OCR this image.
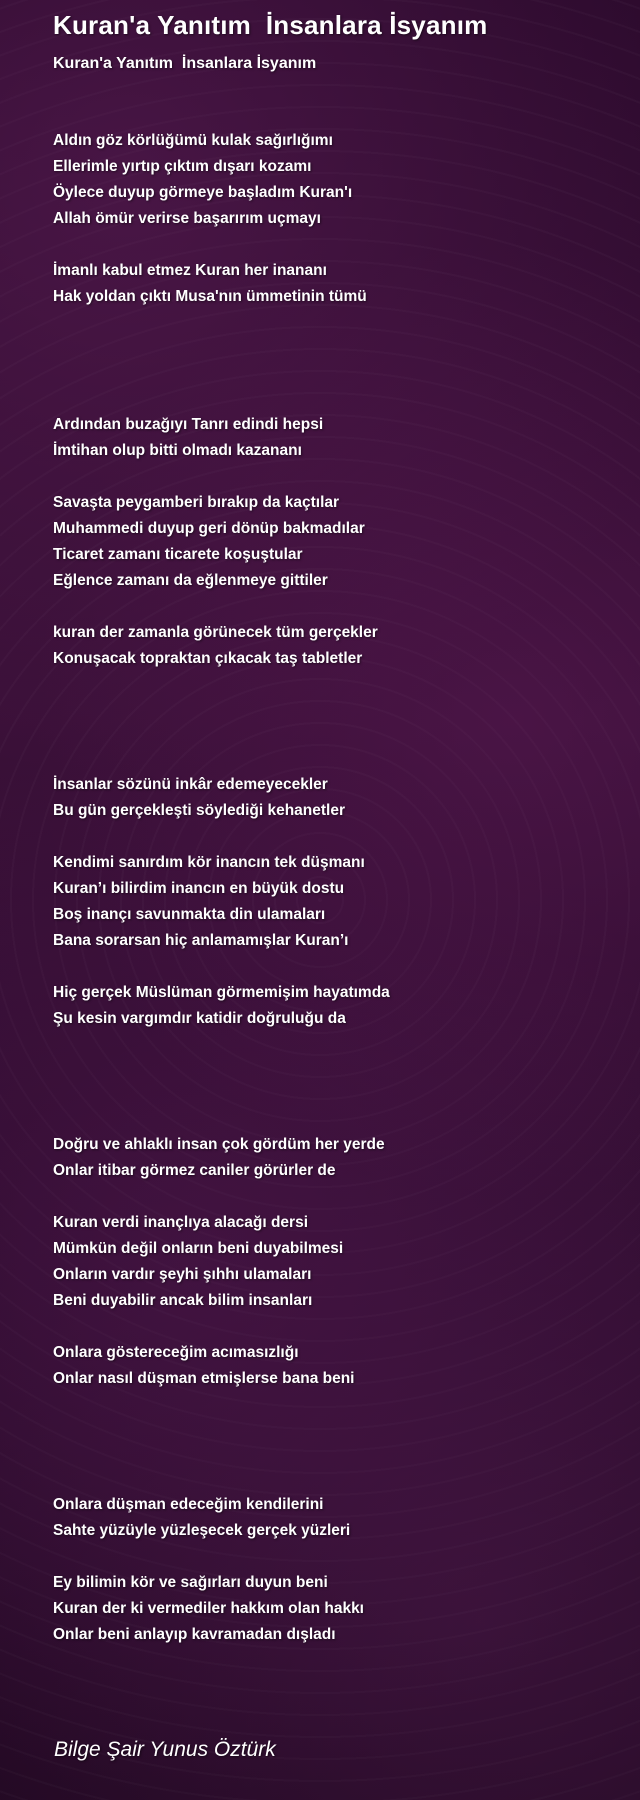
Kuran'a Yanıtım  İnsanlara İsyanım
Kuran'a Yanıtım  İnsanlara İsyanım
Aldın göz körlüğümü kulak sağırlığımı
Ellerimle yırtıp çıktım dışarı kozamı
Öylece duyup görmeye başladım Kuran'ı
Allah ömür verirse başarırım uçmayı
İmanlı kabul etmez Kuran her inananı
Hak yoldan çıktı Musa'nın ümmetinin tümü
Ardından buzağıyı Tanrı edindi hepsi
İmtihan olup bitti olmadı kazananı
Savaşta peygamberi bırakıp da kaçtılar
Muhammedi duyup geri dönüp bakmadılar
Ticaret zamanı ticarete koşuştular
Eğlence zamanı da eğlenmeye gittiler
kuran der zamanla görünecek tüm gerçekler
Konuşacak topraktan çıkacak taş tabletler
İnsanlar sözünü inkâr edemeyecekler
Bu gün gerçekleşti söylediği kehanetler
Kendimi sanırdım kör inancın tek düşmanı
Kuran’ı bilirdim inancın en büyük dostu
Boş inançı savunmakta din ulamaları
Bana sorarsan hiç anlamamışlar Kuran’ı
Hiç gerçek Müslüman görmemişim hayatımda
Şu kesin vargımdır katidir doğruluğu da
Doğru ve ahlaklı insan çok gördüm her yerde
Onlar itibar görmez caniler görürler de
Kuran verdi inançlıya alacağı dersi
Mümkün değil onların beni duyabilmesi
Onların vardır şeyhi şıhhı ulamaları
Beni duyabilir ancak bilim insanları
Onlara göstereceğim acımasızlığı
Onlar nasıl düşman etmişlerse bana beni
Onlara düşman edeceğim kendilerini
Sahte yüzüyle yüzleşecek gerçek yüzleri
Ey bilimin kör ve sağırları duyun beni
Kuran der ki vermediler hakkım olan hakkı
Onlar beni anlayıp kavramadan dışladı
Bilge Şair Yunus Öztürk
